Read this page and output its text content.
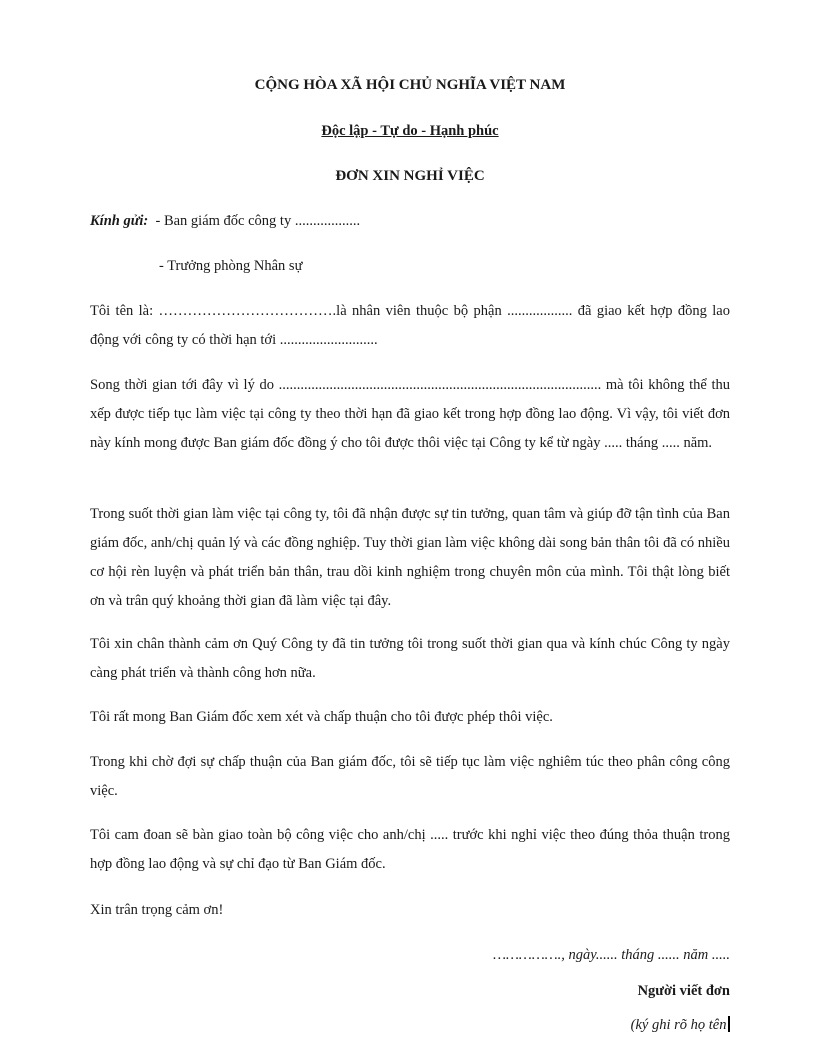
CỘNG HÒA XÃ HỘI CHỦ NGHĨA VIỆT NAM
Độc lập - Tự do - Hạnh phúc
ĐƠN XIN NGHỈ VIỆC
Kính gửi: - Ban giám đốc công ty ..................
- Trưởng phòng Nhân sự
Tôi tên là: ……………………………….là nhân viên thuộc bộ phận .................. đã giao kết hợp đồng lao động với công ty có thời hạn tới ...........................
Song thời gian tới đây vì lý do ......................................................................................... mà tôi không thể thu xếp được tiếp tục làm việc tại công ty theo thời hạn đã giao kết trong hợp đồng lao động. Vì vậy, tôi viết đơn này kính mong được Ban giám đốc đồng ý cho tôi được thôi việc tại Công ty kể từ ngày ..... tháng ..... năm.
Trong suốt thời gian làm việc tại công ty, tôi đã nhận được sự tin tưởng, quan tâm và giúp đỡ tận tình của Ban giám đốc, anh/chị quản lý và các đồng nghiệp. Tuy thời gian làm việc không dài song bản thân tôi đã có nhiều cơ hội rèn luyện và phát triển bản thân, trau dồi kinh nghiệm trong chuyên môn của mình. Tôi thật lòng biết ơn và trân quý khoảng thời gian đã làm việc tại đây.
Tôi xin chân thành cảm ơn Quý Công ty đã tin tưởng tôi trong suốt thời gian qua và kính chúc Công ty ngày càng phát triển và thành công hơn nữa.
Tôi rất mong Ban Giám đốc xem xét và chấp thuận cho tôi được phép thôi việc.
Trong khi chờ đợi sự chấp thuận của Ban giám đốc, tôi sẽ tiếp tục làm việc nghiêm túc theo phân công công việc.
Tôi cam đoan sẽ bàn giao toàn bộ công việc cho anh/chị ..... trước khi nghỉ việc theo đúng thỏa thuận trong hợp đồng lao động và sự chỉ đạo từ Ban Giám đốc.
Xin trân trọng cảm ơn!
……………., ngày...... tháng ...... năm .....
Người viết đơn
(ký ghi rõ họ tên
